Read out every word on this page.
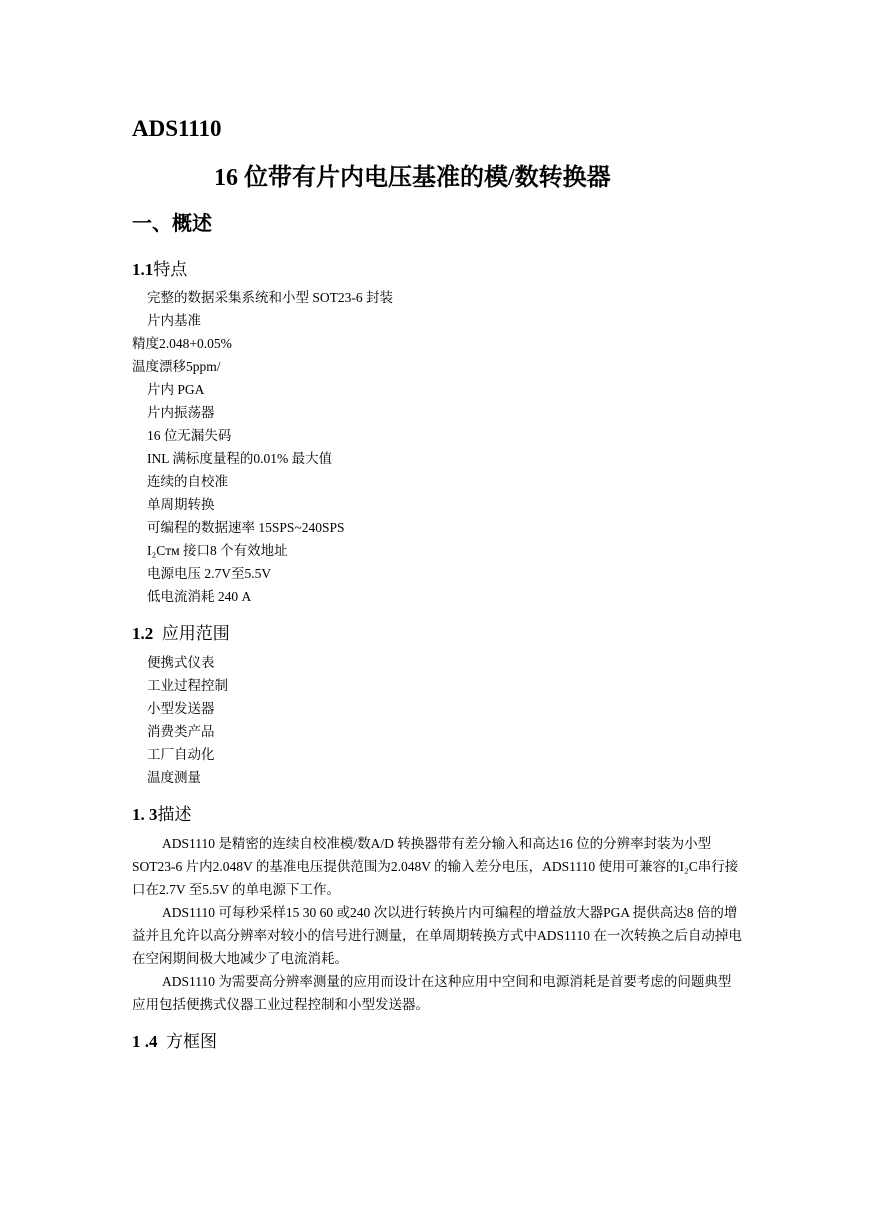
ADS1110
16 位带有片内电压基准的模/数转换器
一、概述
1.1特点
完整的数据采集系统和小型 SOT23-6 封装
片内基准
精度2.048+0.05%
温度漂移5ppm/
片内 PGA
片内振荡器
16 位无漏失码
INL 满标度量程的0.01% 最大值
连续的自校准
单周期转换
可编程的数据速率 15SPS~240SPS
I₂Cᴛᴍ 接口8 个有效地址
电源电压 2.7V至5.5V
低电流消耗 240 A
1.2 应用范围
便携式仪表
工业过程控制
小型发送器
消费类产品
工厂自动化
温度测量
1. 3描述

ADS1110 是精密的连续自校准模/数A/D 转换器带有差分输入和高达16 位的分辨率封装为小型SOT23-6 片内2.048V 的基准电压提供范围为2.048V 的输入差分电压，ADS1110 使用可兼容的I₂C串行接口在2.7V 至5.5V 的单电源下工作。

ADS1110 可每秒采样15 30 60 或240 次以进行转换片内可编程的增益放大器PGA 提供高达8 倍的增益并且允许以高分辨率对较小的信号进行测量，在单周期转换方式中ADS1110 在一次转换之后自动掉电在空闲期间极大地减少了电流消耗。

ADS1110 为需要高分辨率测量的应用而设计在这种应用中空间和电源消耗是首要考虑的问题典型应用包括便携式仪器工业过程控制和小型发送器。

1 .4 方框图
